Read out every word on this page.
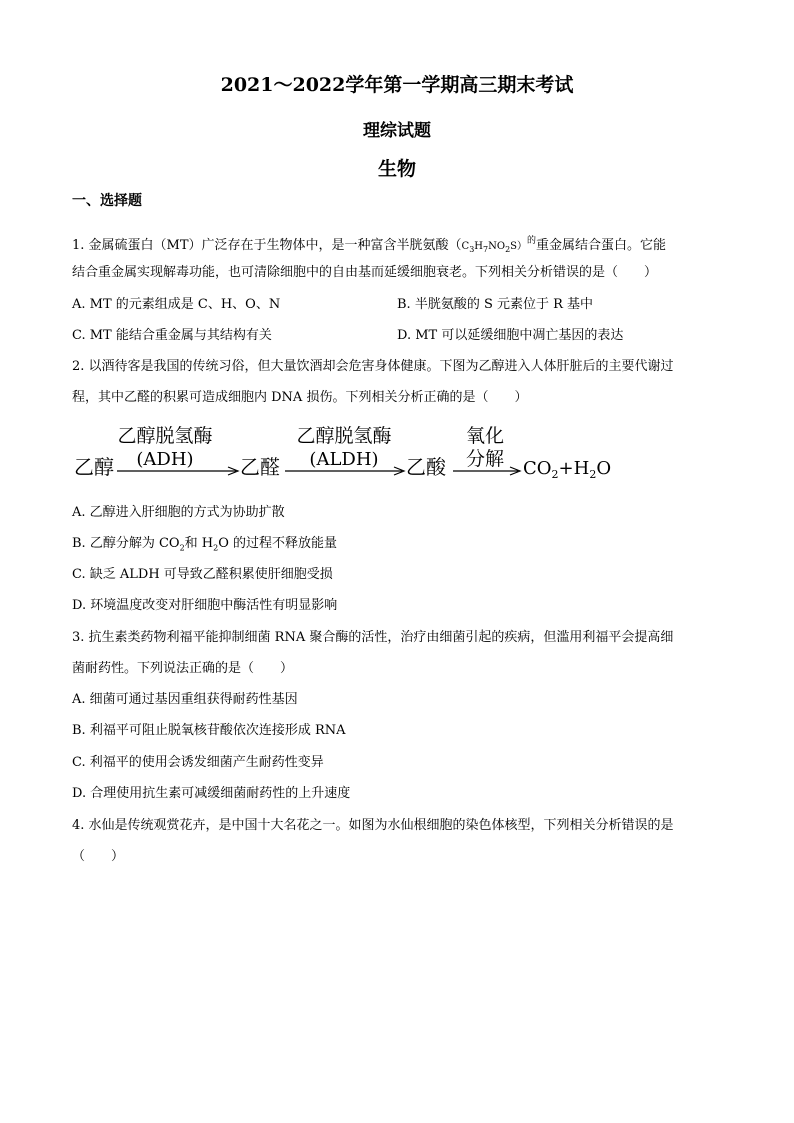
2021～2022学年第一学期高三期末考试
理综试题
生物
一、选择题
1. 金属硫蛋白（MT）广泛存在于生物体中，是一种富含半胱氨酸$(C_3H_7NO_2S)^的$重金属结合蛋白。它能
结合重金属实现解毒功能，也可清除细胞中的自由基而延缓细胞衰老。下列相关分析错误的是（　　）
A. MT 的元素组成是 C、H、O、N	B. 半胱氨酸的 S 元素位于 R 基中
C. MT 能结合重金属与其结构有关	D. MT 可以延缓细胞中凋亡基因的表达
2. 以酒待客是我国的传统习俗，但大量饮酒却会危害身体健康。下图为乙醇进入人体肝脏后的主要代谢过
程，其中乙醛的积累可造成细胞内 DNA 损伤。下列相关分析正确的是（　　）
乙醇
乙醇脱氢酶
(ADH) 乙醛
乙醇脱氢酶
(ALDH) 乙酸
氧化
分解 $CO_2+H_2O$
A. 乙醇进入肝细胞的方式为协助扩散
B. 乙醇分解为 $CO_2$和 $H_2O$ 的过程不释放能量
C. 缺乏 ALDH 可导致乙醛积累使肝细胞受损
D. 环境温度改变对肝细胞中酶活性有明显影响
3. 抗生素类药物利福平能抑制细菌 RNA 聚合酶的活性，治疗由细菌引起的疾病，但滥用利福平会提高细
菌耐药性。下列说法正确的是（　　）
A. 细菌可通过基因重组获得耐药性基因
B. 利福平可阻止脱氧核苷酸依次连接形成 RNA
C. 利福平的使用会诱发细菌产生耐药性变异
D. 合理使用抗生素可减缓细菌耐药性的上升速度
4. 水仙是传统观赏花卉，是中国十大名花之一。如图为水仙根细胞的染色体核型，下列相关分析错误的是
（　　）
